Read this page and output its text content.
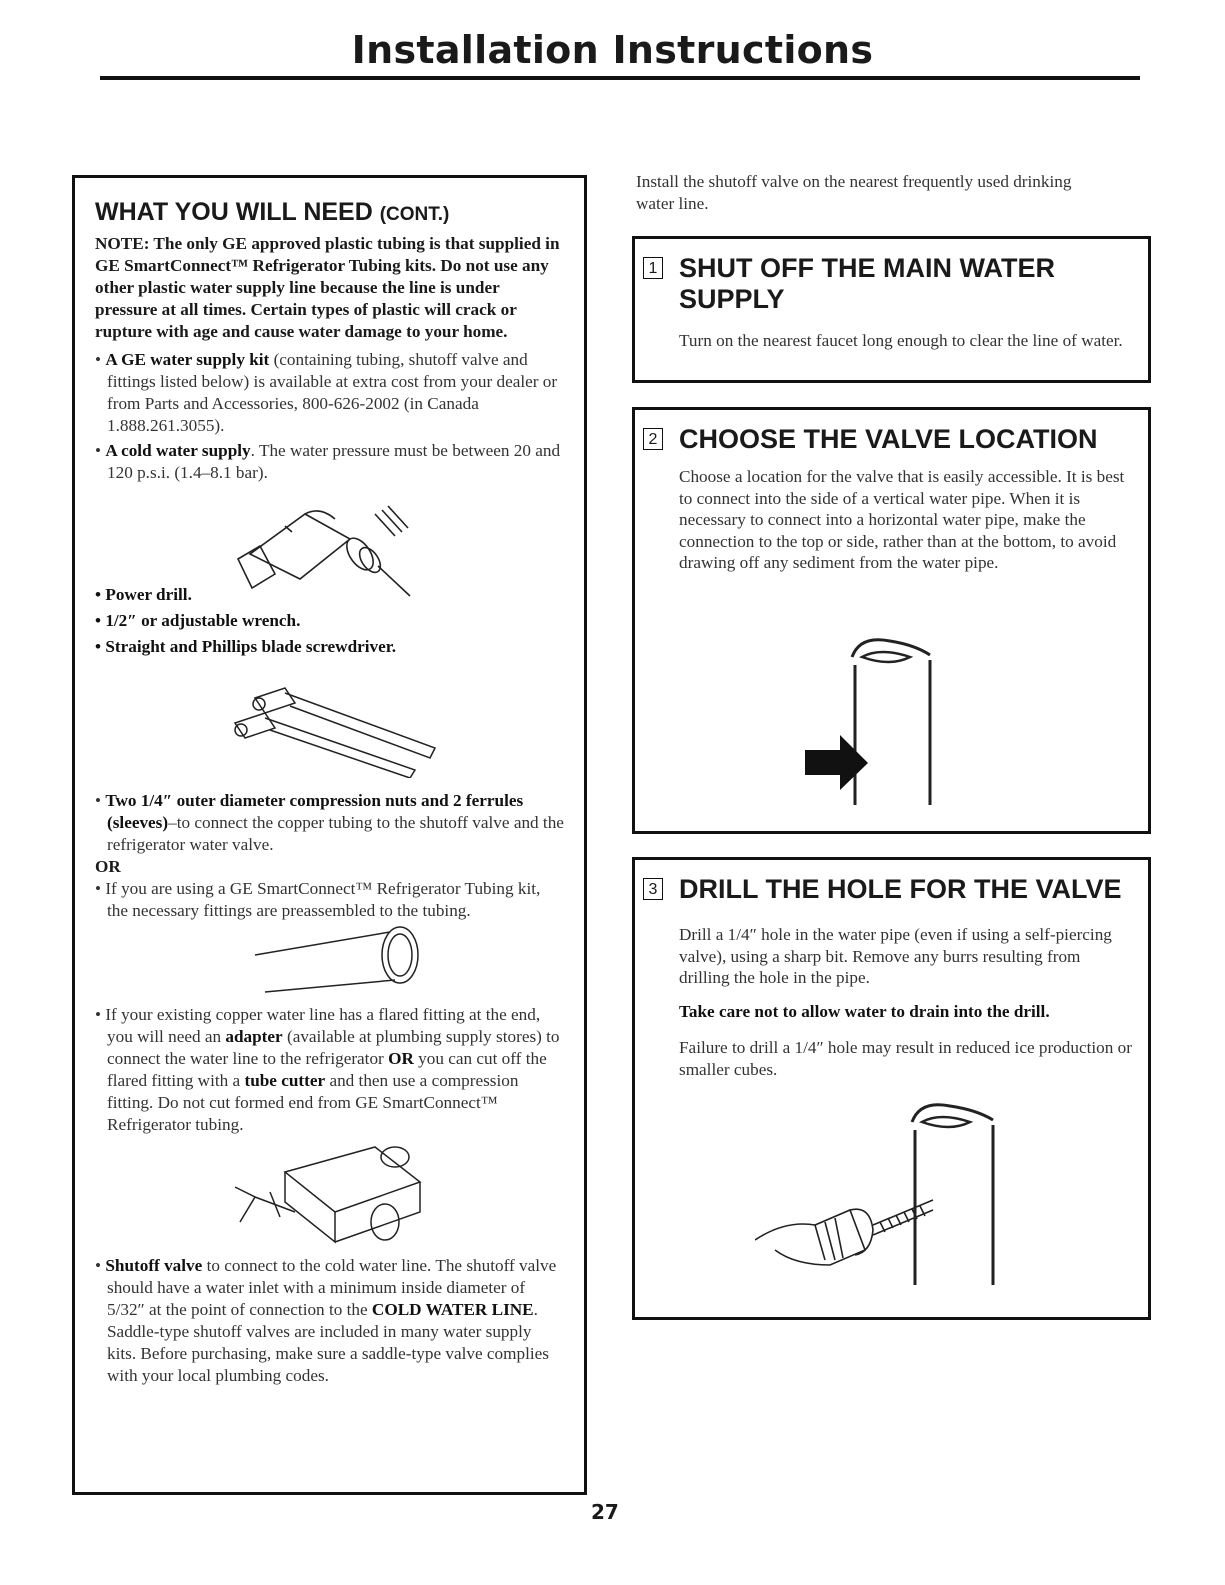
Installation Instructions

WHAT YOU WILL NEED (CONT.)

NOTE: The only GE approved plastic tubing is that supplied in GE SmartConnect™ Refrigerator Tubing kits. Do not use any other plastic water supply line because the line is under pressure at all times. Certain types of plastic will crack or rupture with age and cause water damage to your home.

• A GE water supply kit (containing tubing, shutoff valve and fittings listed below) is available at extra cost from your dealer or from Parts and Accessories, 800-626-2002 (in Canada 1.888.261.3055).

• A cold water supply. The water pressure must be between 20 and 120 p.s.i. (1.4–8.1 bar).

• Power drill.
• 1/2″ or adjustable wrench.
• Straight and Phillips blade screwdriver.

• Two 1/4″ outer diameter compression nuts and 2 ferrules (sleeves)–to connect the copper tubing to the shutoff valve and the refrigerator water valve.

OR

• If you are using a GE SmartConnect™ Refrigerator Tubing kit, the necessary fittings are preassembled to the tubing.

• If your existing copper water line has a flared fitting at the end, you will need an adapter (available at plumbing supply stores) to connect the water line to the refrigerator OR you can cut off the flared fitting with a tube cutter and then use a compression fitting. Do not cut formed end from GE SmartConnect™ Refrigerator tubing.

• Shutoff valve to connect to the cold water line. The shutoff valve should have a water inlet with a minimum inside diameter of 5/32″ at the point of connection to the COLD WATER LINE. Saddle-type shutoff valves are included in many water supply kits. Before purchasing, make sure a saddle-type valve complies with your local plumbing codes.

Install the shutoff valve on the nearest frequently used drinking water line.

1 SHUT OFF THE MAIN WATER SUPPLY

Turn on the nearest faucet long enough to clear the line of water.

2 CHOOSE THE VALVE LOCATION

Choose a location for the valve that is easily accessible. It is best to connect into the side of a vertical water pipe. When it is necessary to connect into a horizontal water pipe, make the connection to the top or side, rather than at the bottom, to avoid drawing off any sediment from the water pipe.

3 DRILL THE HOLE FOR THE VALVE

Drill a 1/4″ hole in the water pipe (even if using a self-piercing valve), using a sharp bit. Remove any burrs resulting from drilling the hole in the pipe.

Take care not to allow water to drain into the drill.

Failure to drill a 1/4″ hole may result in reduced ice production or smaller cubes.

27
